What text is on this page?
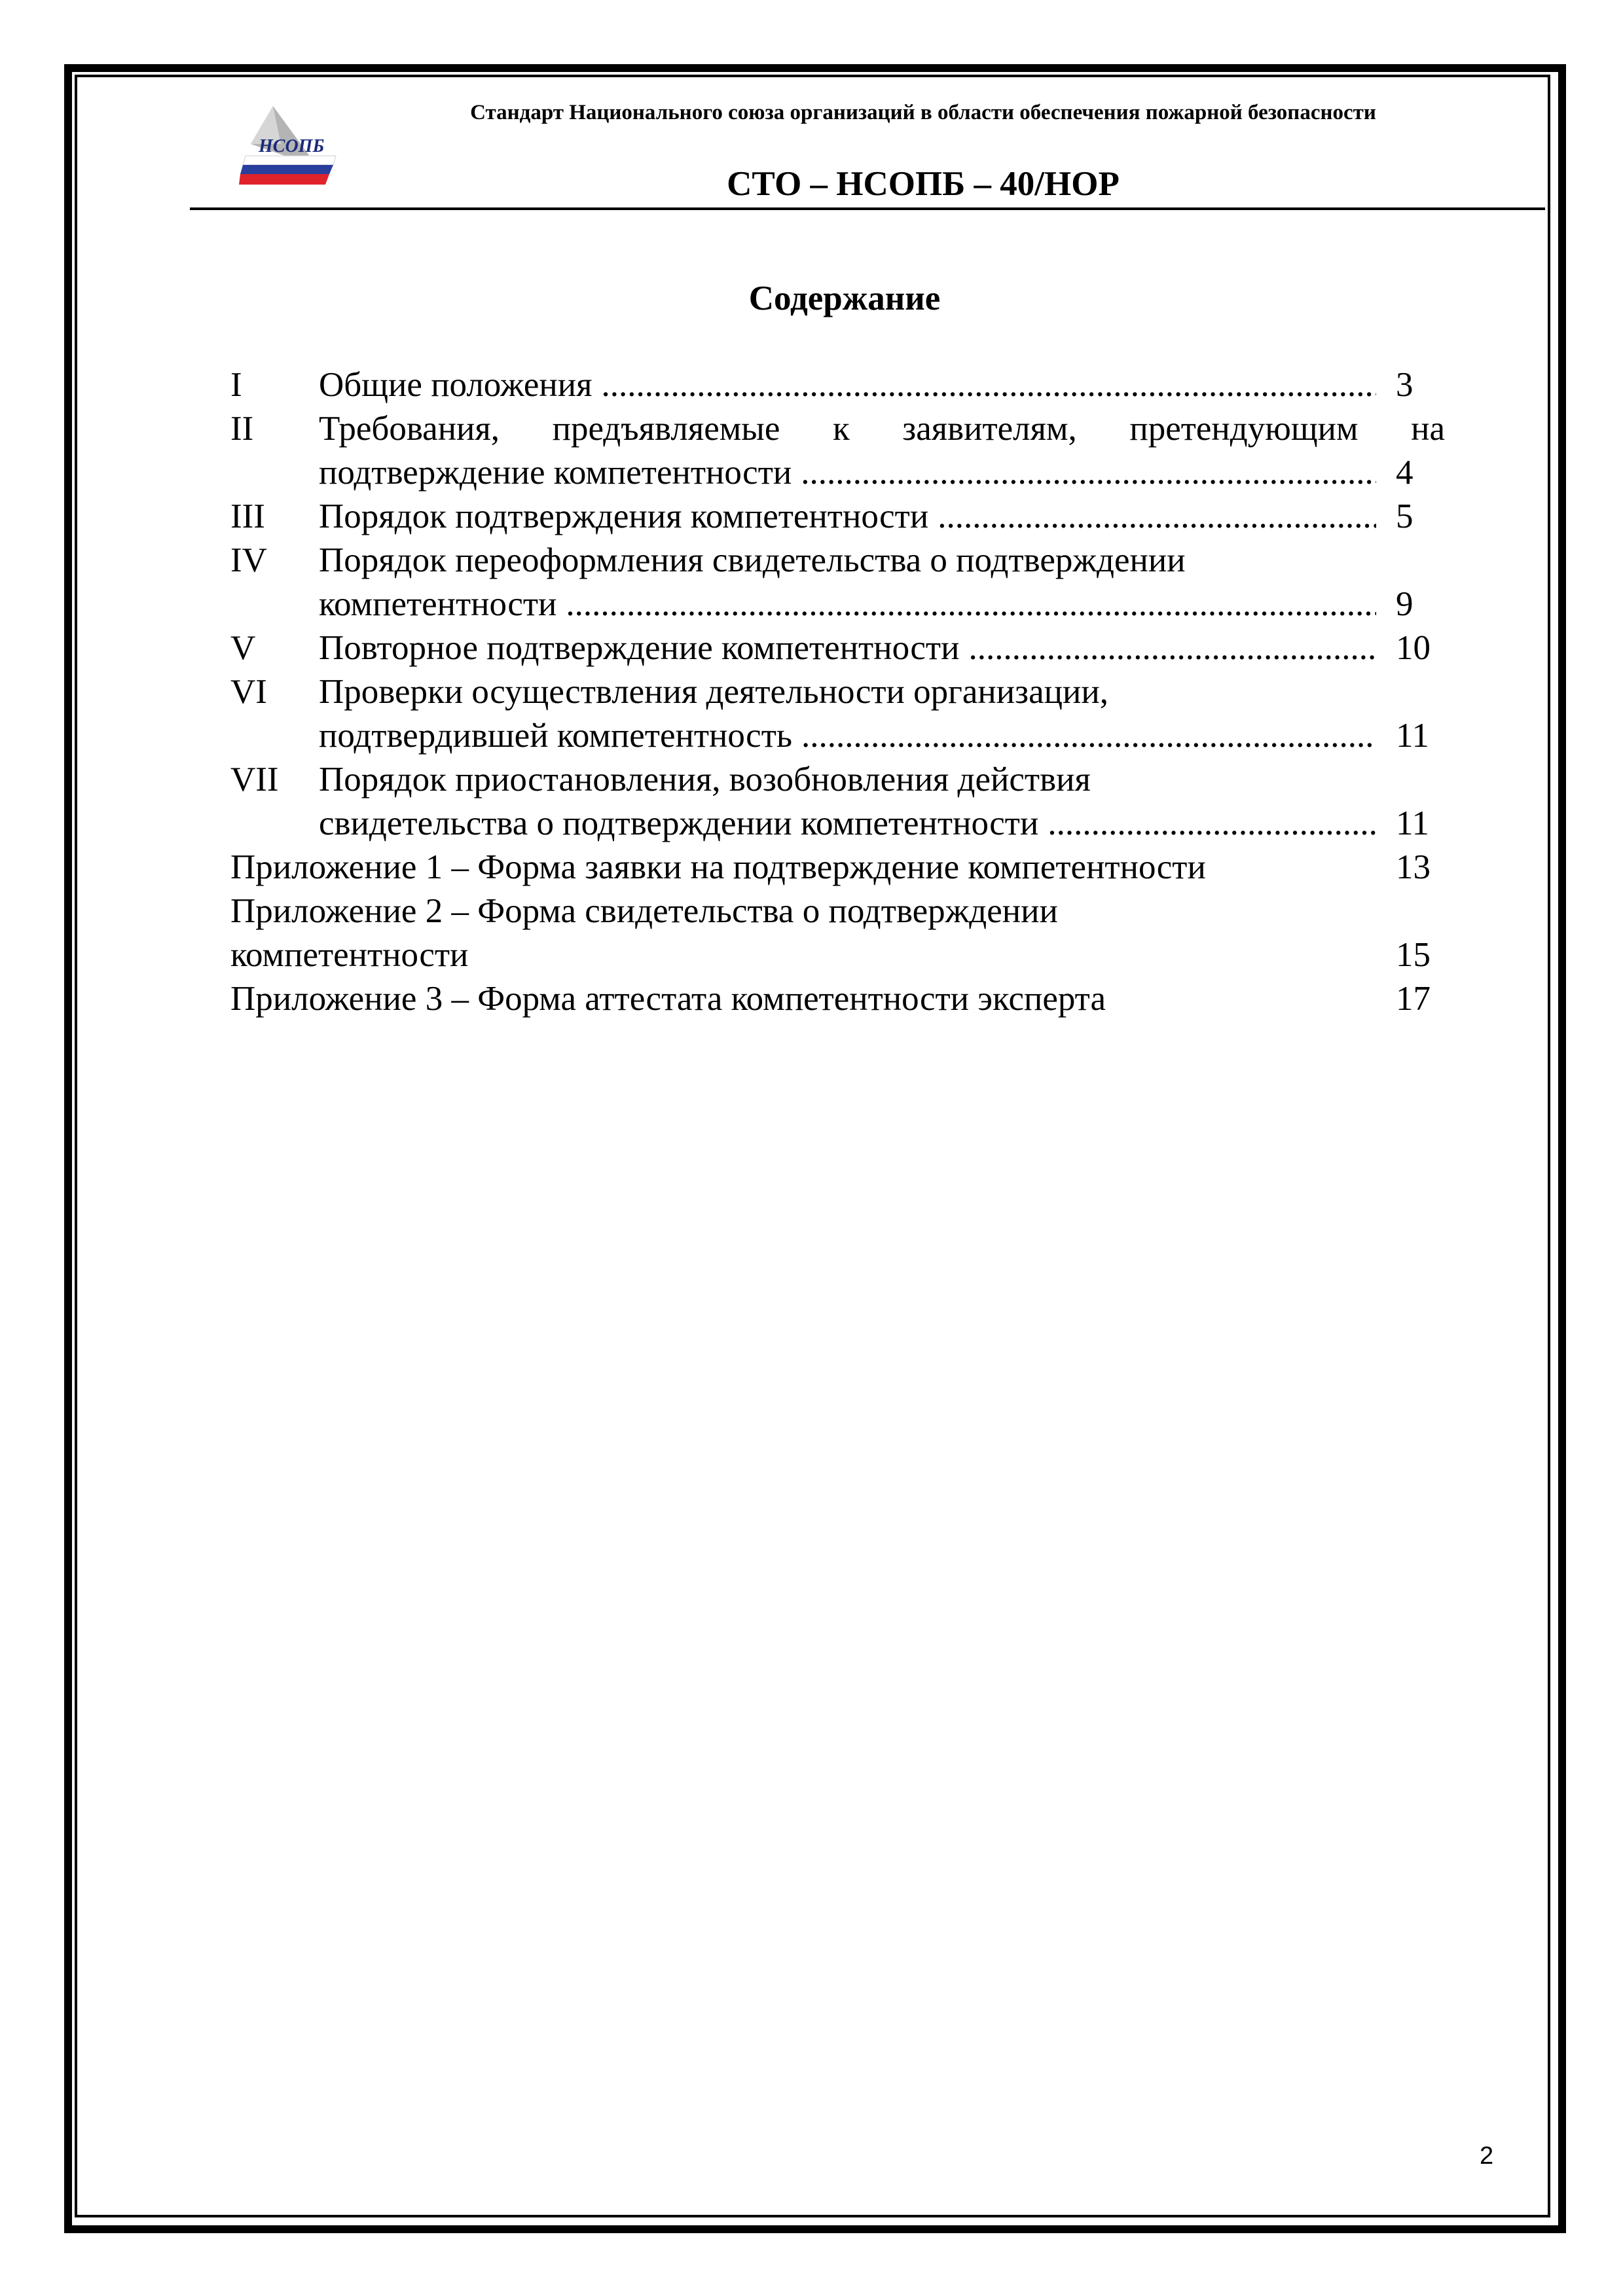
НСОПБ
Стандарт Национального союза организаций в области обеспечения пожарной безопасности
СТО – НСОПБ – 40/НОР
Содержание
I	Общие положения .....	3
II	Требования, предъявляемые к заявителям, претендующим на
подтверждение компетентности .....	4
III	Порядок подтверждения компетентности .....	5
IV	Порядок переоформления свидетельства о подтверждении
компетентности .....	9
V	Повторное подтверждение компетентности .....	10
VI	Проверки осуществления деятельности организации,
подтвердившей компетентность .....	11
VII	Порядок приостановления, возобновления действия
свидетельства о подтверждении компетентности .....	11
Приложение 1 – Форма заявки на подтверждение компетентности	13
Приложение 2 – Форма свидетельства о подтверждении
компетентности	15
Приложение 3 – Форма аттестата компетентности эксперта	17
2
